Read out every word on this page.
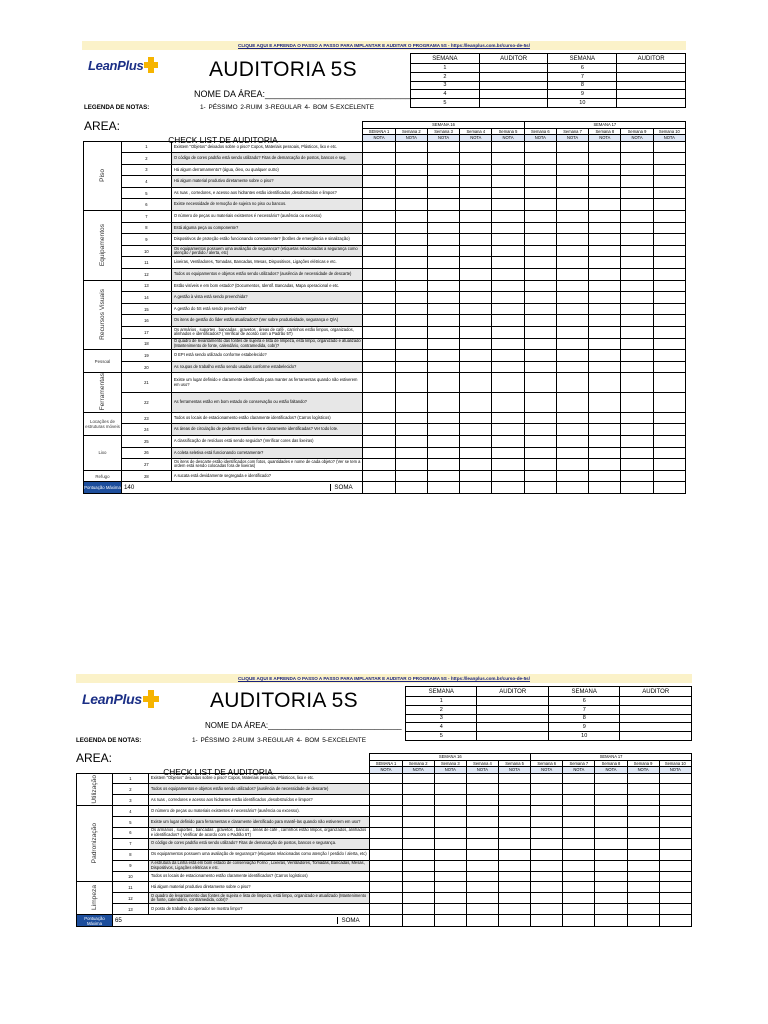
CLIQUE AQUI E APRENDA O PASSO A PASSO PARA IMPLANTAR E AUDITAR O PROGRAMA 5S - https://leanplus.com.br/curso-de-5s/
LeanPlus	AUDITORIA 5S
NOME DA ÁREA:______________________________
LEGENDA DE NOTAS:	1- PÉSSIMO 2-RUIM 3-REGULAR 4- BOM 5-EXCELENTE
SEMANA	AUDITOR	SEMANA	AUDITOR
1		6	
2		7	
3		8	
4		9	
5		10	
AREA:
CHECK LIST DE AUDITORIA
			SEMANA 16					SEMANA 17				
			SEMANA 1	Semana 2	Semana 3	Semana 4	Semana 5	Semana 6	Semana 7	Semana 8	Semana 9	Semana 10
			NOTA	NOTA	NOTA	NOTA	NOTA	NOTA	NOTA	NOTA	NOTA	NOTA
Piso	1	Existem "Objetos" deixados sobre o piso? Copos, Materiais pessoais, Plásticos, lixo e etc.										
	2	O código de cores padrão está sendo utilizado? Fitas de demarcação de postos, bancos e seg.										
	3	Há algum derramamento? (água, óleo, ou qualquer outro)										
	4	Há algum material produtivo diretamente sobre o piso?										
	5	As ruas , corredores, e acesso aos hidrantes estão identificados ,desobstruídos e limpos?										
	6	Existe necessidade de remoção de sujeira no piso ou bancos.										
Equipamentos	7	O número de peças ou materiais existentes é necessário? (ausência ou excesso)										
	8	Está alguma peça ou componente?										
	9	Dispositivos de proteção estão funcionando corretamente? (botões de emergência e sinalização)										
	10	Os equipamentos possuem uma avaliação de segurança? (etiquetas relacionadas a segurança como atenção / perdido / alerta, etc)										
	11	Lixeiras, Ventiladores, Tomadas, Bancadas, Mesas, Dispositivos, Ligações elétricas e etc.										
	12	Todos os equipamentos e objetos estão sendo utilizados? (ausência de necessidade de descarte)										
Recursos Visuais	13	Estão visíveis e em bom estado? (Documentos, Identif. Bancadas, Mapa operacional e etc.										
	14	A gestão à vista está sendo preenchida?										
	15	A gestão do 5S está sendo preenchida?										
	16	Os itens de gestão do líder estão atualizados? (Ver sobre produtividade, segurança e Q/A)										
	17	Os armários , suportes , bancadas , gravetos , áreas de café , carrinhos estão limpos, organizados, alinhados e identificados? ( Verificar de acordo com a Padrão 5T)										
	18	O quadro de levantamento das fontes de sujeira e lista de limpeza, está limpo, organizado e atualizado (Mantenimento de fonte, calendário, contramedida, cobr)?										
Pessoal	19	O EPI está sendo utilizado conforme estabelecido?										
	20	As roupas de trabalho estão sendo usadas conforme estabelecido?										
Ferramentas	21	Existe um lugar definido e claramente identificado para manter as ferramentas quando não estiverem em uso?										
	22	As ferramentas estão em bom estado de conservação ou estão faltando?										
Locações de estruturas móveis	23	Todos os locais de estacionamento estão claramente identificados? (Carros logísticos)										
	24	As áreas de circulação de pedestres estão livres e claramente identificadas? Ver todo lote.										
Lixo	25	A classificação de resíduos está sendo seguida? (Verificar cores das lixeiras)										
	26	A coleta seletiva está funcionando corretamente?										
	27	Os itens de descarte estão identificados com fotos, quantidades e nome de cada objeto? (Ver se tem a ordem está sendo colocadas fora de lixeiras)										
Refugo	28	A sucata está devidamente segregada e identificado?										
Pontuação Máxima	140 SOMA											

CLIQUE AQUI E APRENDA O PASSO A PASSO PARA IMPLANTAR E AUDITAR O PROGRAMA 5S - https://leanplus.com.br/curso-de-5s/
LeanPlus	AUDITORIA 5S
NOME DA ÁREA:______________________________
LEGENDA DE NOTAS:	1- PÉSSIMO 2-RUIM 3-REGULAR 4- BOM 5-EXCELENTE
SEMANA	AUDITOR	SEMANA	AUDITOR
1		6	
2		7	
3		8	
4		9	
5		10	
AREA:
CHECK LIST DE AUDITORIA
			SEMANA 16					SEMANA 17				
			SEMANA 1	Semana 2	Semana 3	Semana 4	Semana 5	Semana 6	Semana 7	Semana 8	Semana 9	Semana 10
			NOTA	NOTA	NOTA	NOTA	NOTA	NOTA	NOTA	NOTA	NOTA	NOTA
Utilização	1	Existem "Objetos" deixados sobre o piso? Copos, Materiais pessoais, Plásticos, lixo e etc.										
	2	Todos os equipamentos e objetos estão sendo utilizados? (ausência de necessidade de descarte)										
	3	As ruas , corredores e acesso aos hidrantes estão identificados ,desobstruídos e limpos?										
Padronização	4	O número de peças ou materiais existentes é necessário? (ausência ou excesso).										
	5	Existe um lugar definido para ferramentas e claramente identificado para mantê-las quando não estiverem em uso?										
	6	Os armários , suportes , bancadas , gravetos , bancos , áreas de café , carrinhos estão limpos, organizados, alinhados e identificados? ( Verificar de acordo com o Padrão 5T)										
	7	O código de cores padrão está sendo utilizado? Fitas de demarcação de postos, bancos e segurança.										
	8	Os equipamentos possuem uma avaliação de segurança? (etiquetas relacionadas como atenção / perdido / alerta, etc)										
	9	A estrutura da Linha está em bom estado de conservação Forno , Lixeiras, Ventiladores, Tomadas, Bancadas, Mesas, Dispositivos, Ligações elétricas e etc.										
	10	Todos os locais de estacionamento estão claramente identificados? (Carros logísticos)										
Limpeza	11	Há algum material produtivo diretamente sobre o piso?										
	12	O quadro de levantamento das fontes de sujeira e lista de limpeza, está limpo, organizado e atualizado (Mantenimento de fonte, calendário, contramedida, cobr)?										
	13	O posto de trabalho do operador se mostra limpo?										
Pontuação Máxima	65 SOMA											
